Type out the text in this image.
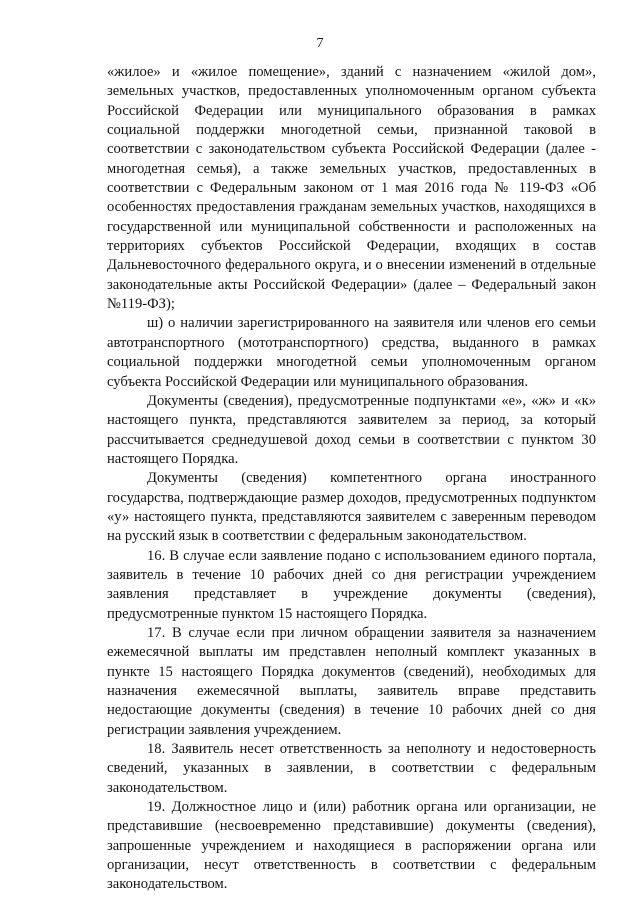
7

«жилое» и «жилое помещение», зданий с назначением «жилой дом», земельных участков, предоставленных уполномоченным органом субъекта Российской Федерации или муниципального образования в рамках социальной поддержки многодетной семьи, признанной таковой в соответствии с законодательством субъекта Российской Федерации (далее - многодетная семья), а также земельных участков, предоставленных в соответствии с Федеральным законом от 1 мая 2016 года № 119-ФЗ «Об особенностях предоставления гражданам земельных участков, находящихся в государственной или муниципальной собственности и расположенных на территориях субъектов Российской Федерации, входящих в состав Дальневосточного федерального округа, и о внесении изменений в отдельные законодательные акты Российской Федерации» (далее – Федеральный закон №119-ФЗ);

ш) о наличии зарегистрированного на заявителя или членов его семьи автотранспортного (мототранспортного) средства, выданного в рамках социальной поддержки многодетной семьи уполномоченным органом субъекта Российской Федерации или муниципального образования.

Документы (сведения), предусмотренные подпунктами «е», «ж» и «к» настоящего пункта, представляются заявителем за период, за который рассчитывается среднедушевой доход семьи в соответствии с пунктом 30 настоящего Порядка.

Документы (сведения) компетентного органа иностранного государства, подтверждающие размер доходов, предусмотренных подпунктом «у» настоящего пункта, представляются заявителем с заверенным переводом на русский язык в соответствии с федеральным законодательством.

16. В случае если заявление подано с использованием единого портала, заявитель в течение 10 рабочих дней со дня регистрации учреждением заявления представляет в учреждение документы (сведения), предусмотренные пунктом 15 настоящего Порядка.

17. В случае если при личном обращении заявителя за назначением ежемесячной выплаты им представлен неполный комплект указанных в пункте 15 настоящего Порядка документов (сведений), необходимых для назначения ежемесячной выплаты, заявитель вправе представить недостающие документы (сведения) в течение 10 рабочих дней со дня регистрации заявления учреждением.

18. Заявитель несет ответственность за неполноту и недостоверность сведений, указанных в заявлении, в соответствии с федеральным законодательством.

19. Должностное лицо и (или) работник органа или организации, не представившие (несвоевременно представившие) документы (сведения), запрошенные учреждением и находящиеся в распоряжении органа или организации, несут ответственность в соответствии с федеральным законодательством.
